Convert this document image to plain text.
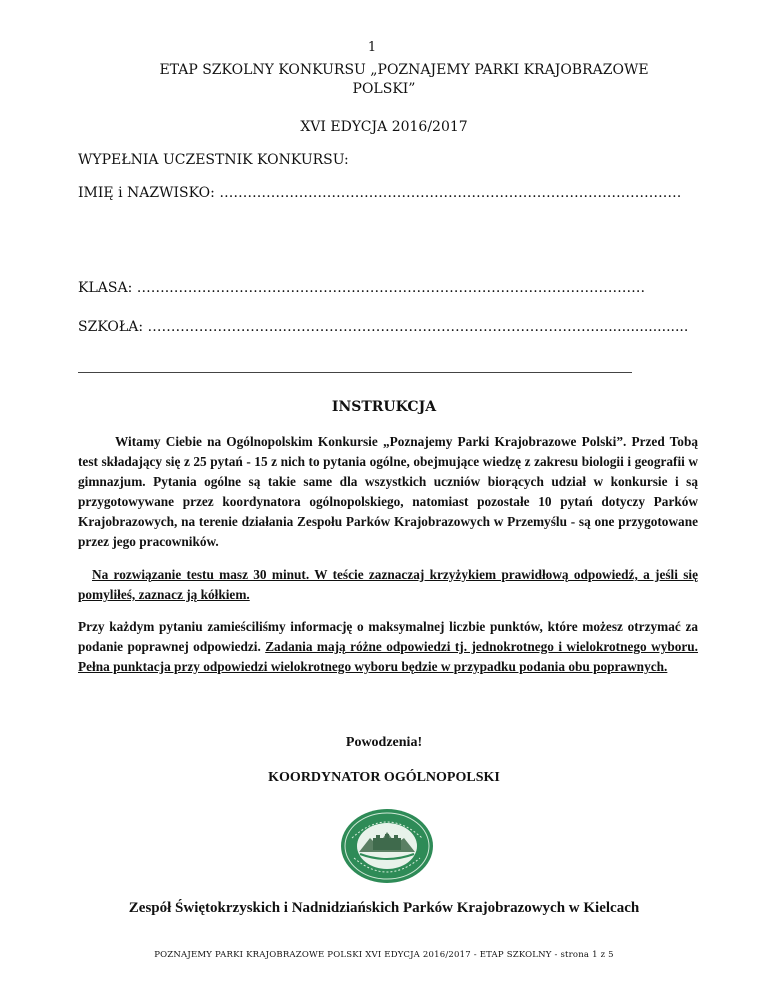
1
ETAP SZKOLNY KONKURSU „POZNAJEMY PARKI KRAJOBRAZOWE
POLSKI”
XVI EDYCJA 2016/2017
WYPEŁNIA UCZESTNIK KONKURSU:
IMIĘ i NAZWISKO: ………………………………………………………………………………………
KLASA: …….…………………………………………………………………………………………
SZKOŁA: ………………………..…………………………………………………………......................
INSTRUKCJA
Witamy Ciebie na Ogólnopolskim Konkursie „Poznajemy Parki Krajobrazowe Polski”. Przed Tobą test składający się z 25 pytań - 15 z nich to pytania ogólne, obejmujące wiedzę z zakresu biologii i geografii w gimnazjum. Pytania ogólne są takie same dla wszystkich uczniów biorących udział w konkursie i są przygotowywane przez koordynatora ogólnopolskiego, natomiast pozostałe 10 pytań dotyczy Parków Krajobrazowych, na terenie działania Zespołu Parków Krajobrazowych w Przemyślu - są one przygotowane przez jego pracowników.
Na rozwiązanie testu masz 30 minut. W teście zaznaczaj krzyżykiem prawidłową odpowiedź, a jeśli się pomyliłeś, zaznacz ją kółkiem.
Przy każdym pytaniu zamieściliśmy informację o maksymalnej liczbie punktów, które możesz otrzymać za podanie poprawnej odpowiedzi. Zadania mają różne odpowiedzi tj. jednokrotnego i wielokrotnego wyboru. Pełna punktacja przy odpowiedzi wielokrotnego wyboru będzie w przypadku podania obu poprawnych.
Powodzenia!
KOORDYNATOR OGÓLNOPOLSKI
Zespół Świętokrzyskich i Nadnidziańskich Parków Krajobrazowych w Kielcach
POZNAJEMY PARKI KRAJOBRAZOWE POLSKI XVI EDYCJA 2016/2017 - ETAP SZKOLNY - strona 1 z 5
